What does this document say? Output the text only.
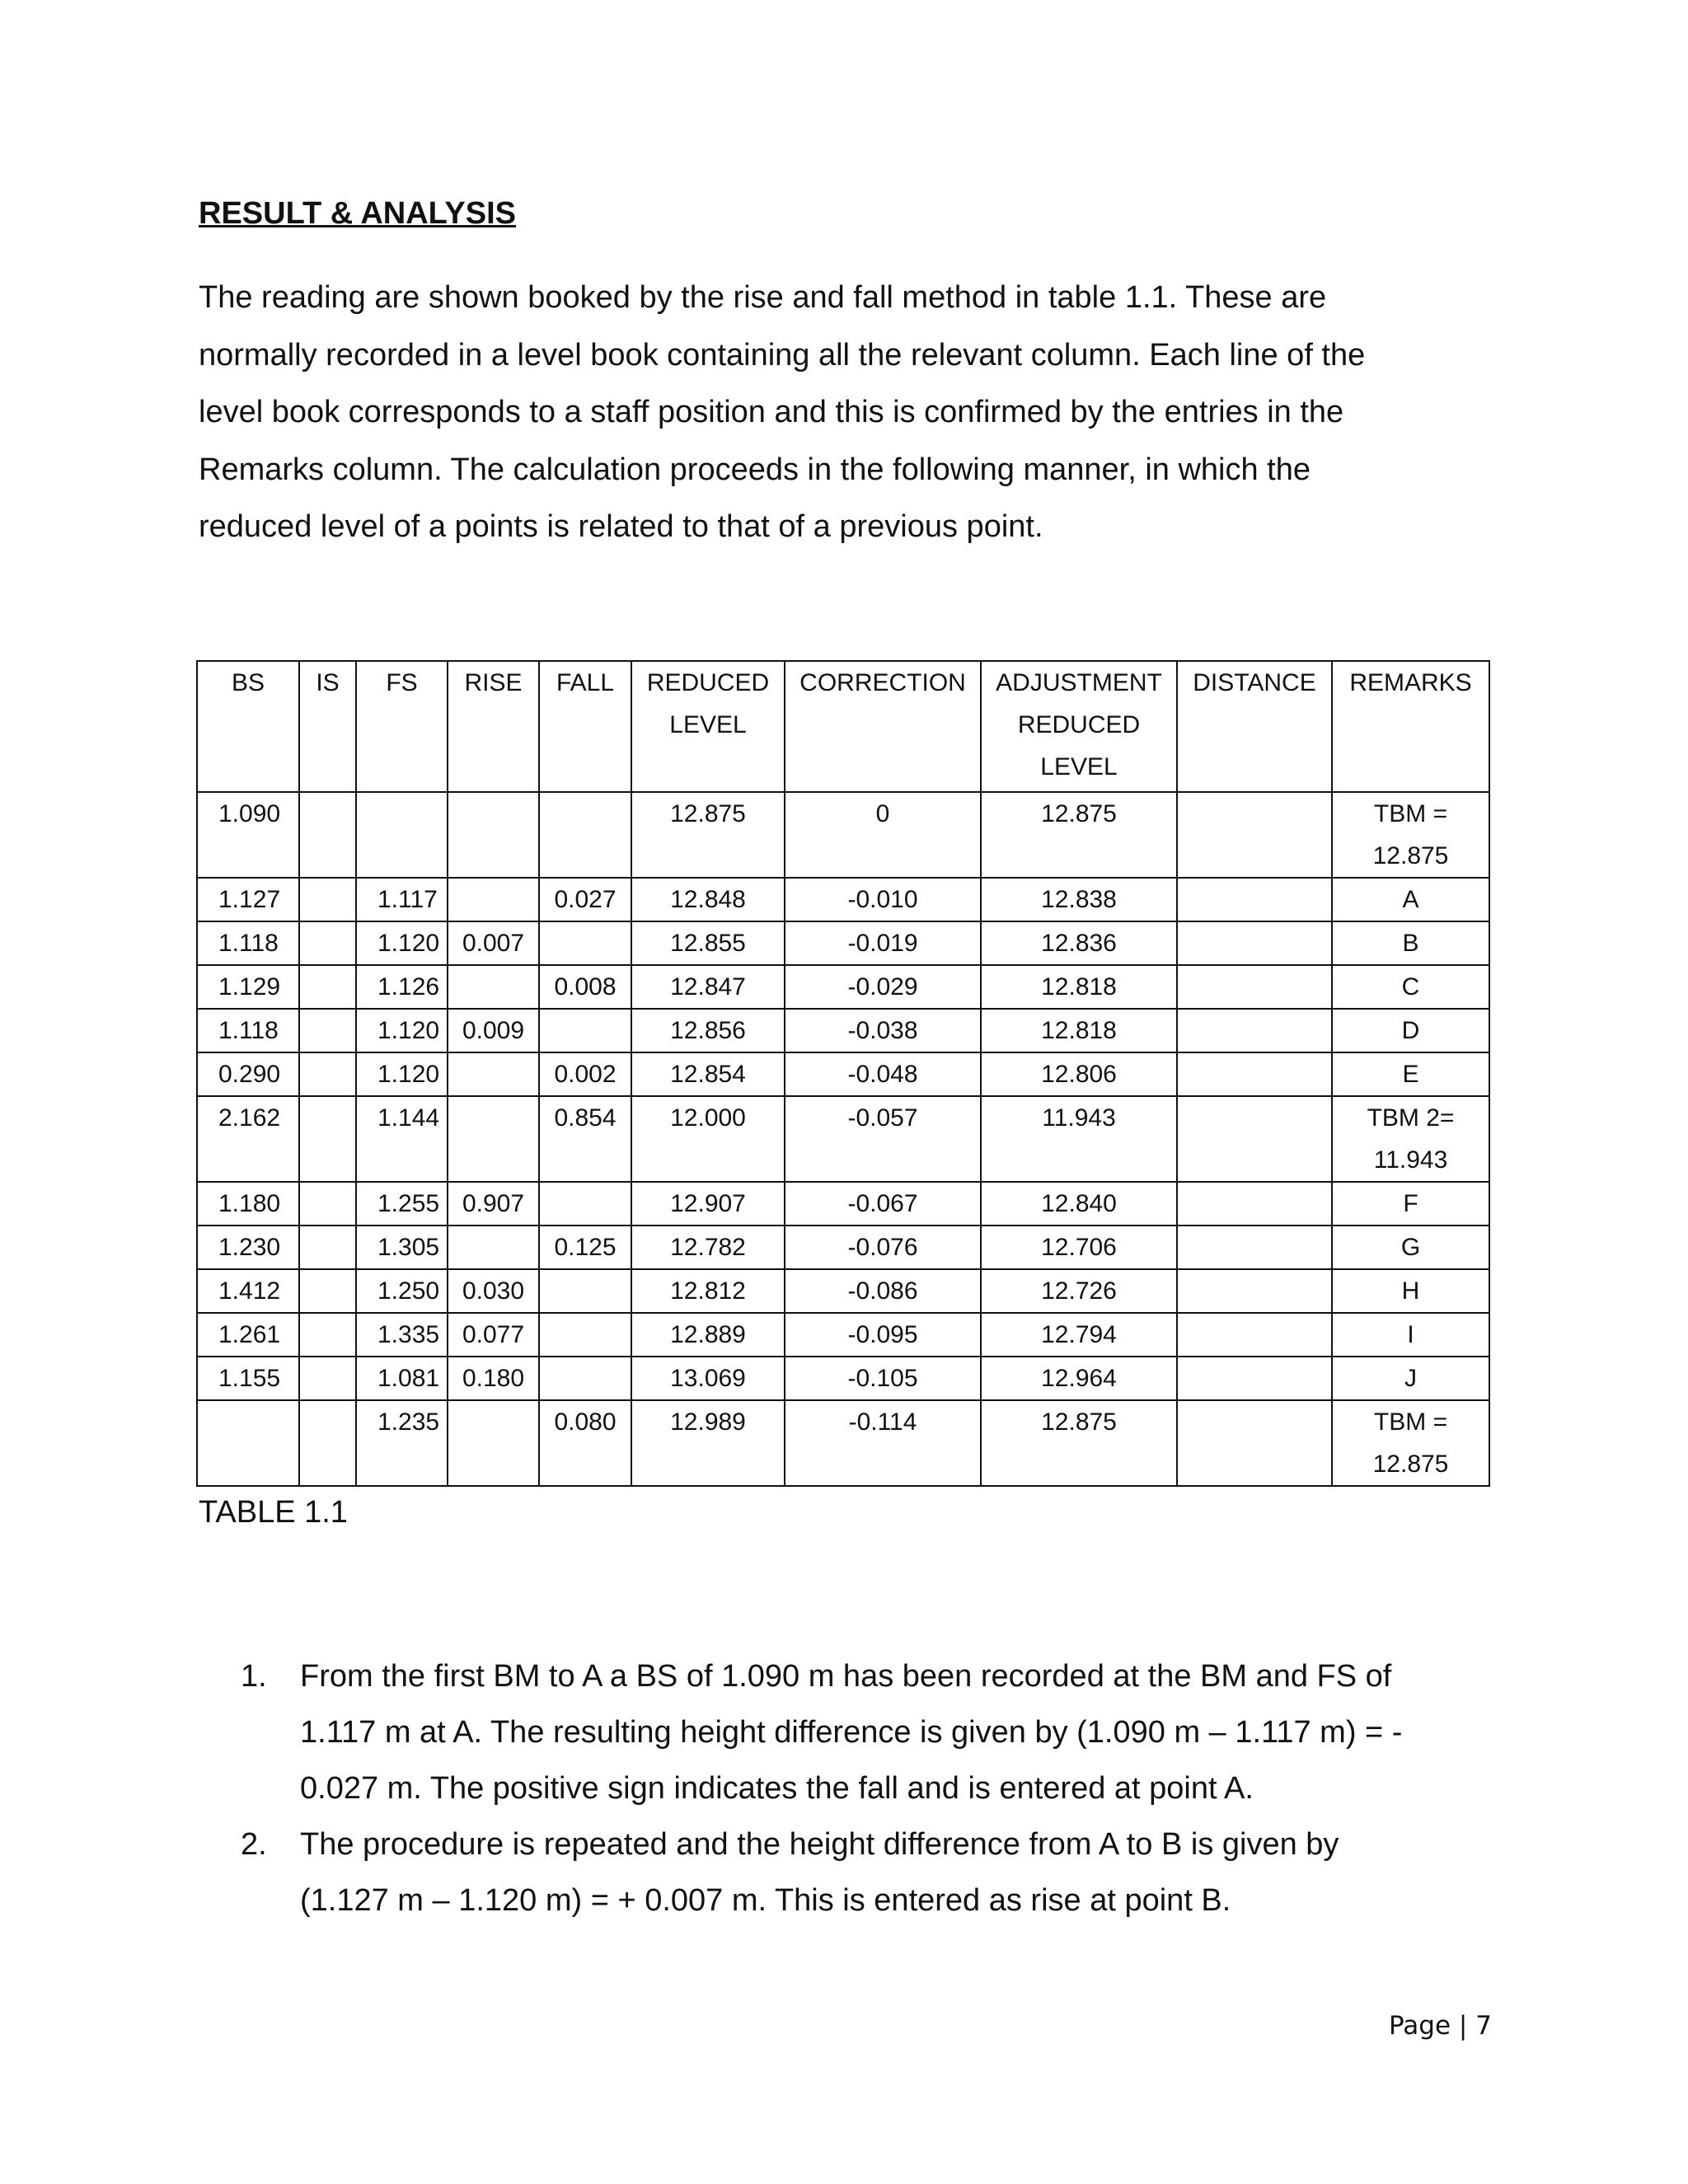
RESULT & ANALYSIS
The reading are shown booked by the rise and fall method in table 1.1. These are
normally recorded in a level book containing all the relevant column. Each line of the
level book corresponds to a staff position and this is confirmed by the entries in the
Remarks column. The calculation proceeds in the following manner, in which the
reduced level of a points is related to that of a previous point.
BS	IS	FS	RISE	FALL	REDUCED LEVEL	CORRECTION	ADJUSTMENT REDUCED LEVEL	DISTANCE	REMARKS
1.090					12.875	0	12.875		TBM =
12.875
1.127		1.117		0.027	12.848	-0.010	12.838		A
1.118		1.120	0.007		12.855	-0.019	12.836		B
1.129		1.126		0.008	12.847	-0.029	12.818		C
1.118		1.120	0.009		12.856	-0.038	12.818		D
0.290		1.120		0.002	12.854	-0.048	12.806		E
2.162		1.144		0.854	12.000	-0.057	11.943		TBM 2=
11.943
1.180		1.255	0.907		12.907	-0.067	12.840		F
1.230		1.305		0.125	12.782	-0.076	12.706		G
1.412		1.250	0.030		12.812	-0.086	12.726		H
1.261		1.335	0.077		12.889	-0.095	12.794		I
1.155		1.081	0.180		13.069	-0.105	12.964		J
		1.235		0.080	12.989	-0.114	12.875		TBM =
12.875
TABLE 1.1
1. From the first BM to A a BS of 1.090 m has been recorded at the BM and FS of
1.117 m at A. The resulting height difference is given by (1.090 m – 1.117 m) = -
0.027 m. The positive sign indicates the fall and is entered at point A.
2. The procedure is repeated and the height difference from A to B is given by
(1.127 m – 1.120 m) = + 0.007 m. This is entered as rise at point B.
Page | 7
